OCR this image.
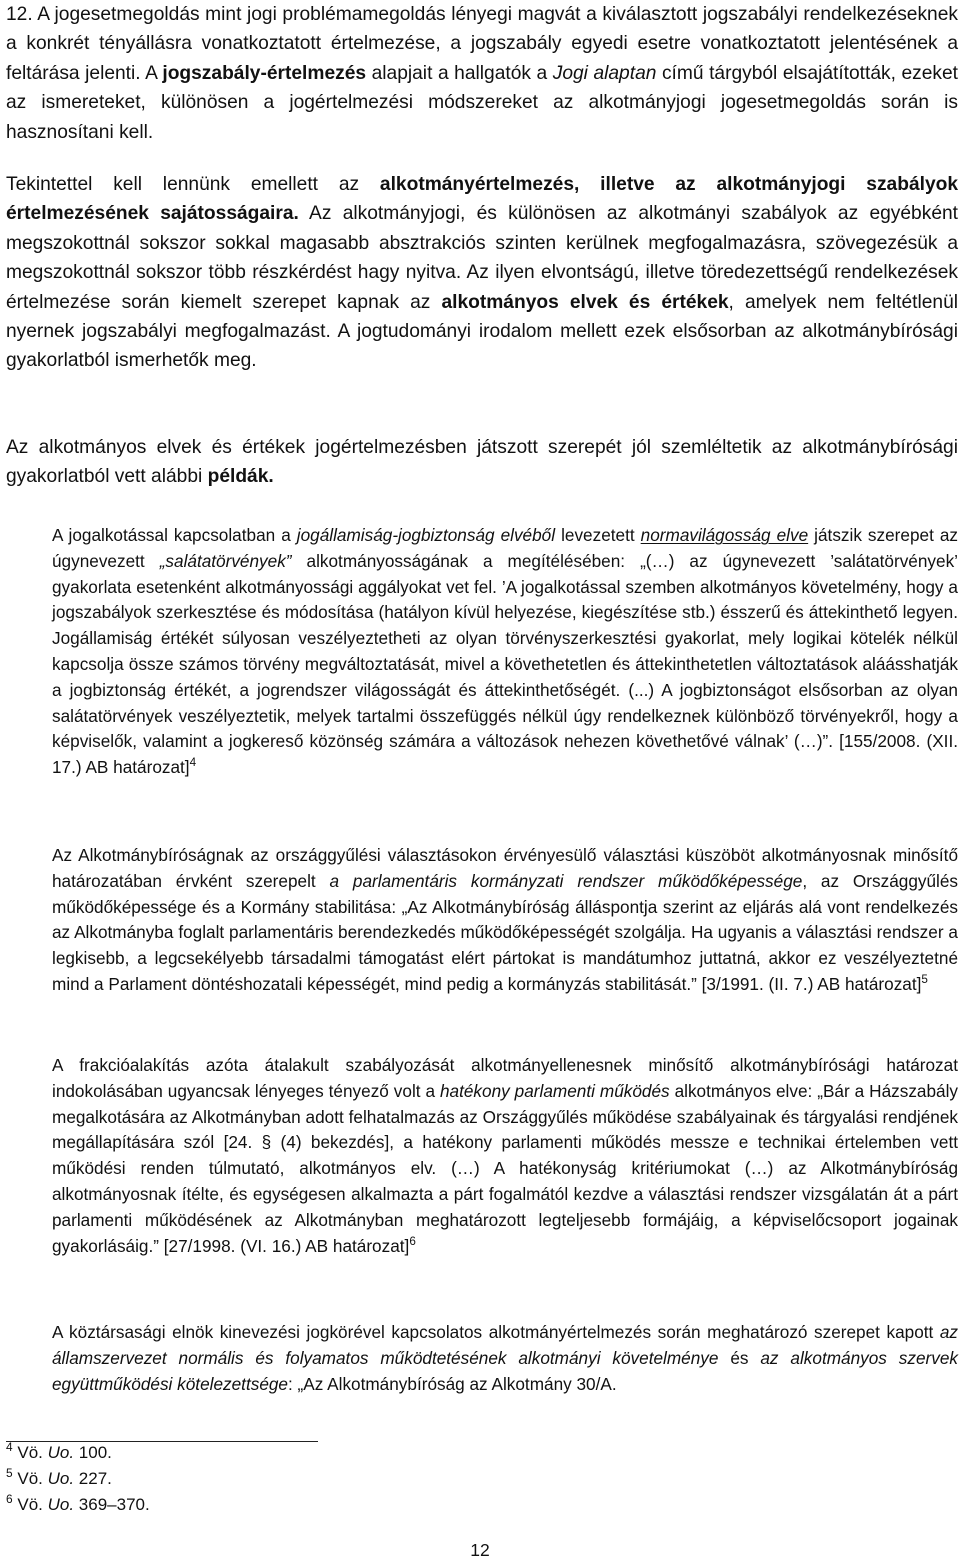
12. A jogesetmegoldás mint jogi problémamegoldás lényegi magvát a kiválasztott jogszabályi rendelkezéseknek a konkrét tényállásra vonatkoztatott értelmezése, a jogszabály egyedi esetre vonatkoztatott jelentésének a feltárása jelenti. A jogszabály-értelmezés alapjait a hallgatók a Jogi alaptan című tárgyból elsajátították, ezeket az ismereteket, különösen a jogértelmezési módszereket az alkotmányjogi jogesetmegoldás során is hasznosítani kell.

Tekintettel kell lennünk emellett az alkotmányértelmezés, illetve az alkotmányjogi szabályok értelmezésének sajátosságaira. Az alkotmányjogi, és különösen az alkotmányi szabályok az egyébként megszokottnál sokszor sokkal magasabb absztrakciós szinten kerülnek megfogalmazásra, szövegezésük a megszokottnál sokszor több részkérdést hagy nyitva. Az ilyen elvontságú, illetve töredezettségű rendelkezések értelmezése során kiemelt szerepet kapnak az alkotmányos elvek és értékek, amelyek nem feltétlenül nyernek jogszabályi megfogalmazást. A jogtudományi irodalom mellett ezek elsősorban az alkotmánybírósági gyakorlatból ismerhetők meg.

Az alkotmányos elvek és értékek jogértelmezésben játszott szerepét jól szemléltetik az alkotmánybírósági gyakorlatból vett alábbi példák.

A jogalkotással kapcsolatban a jogállamiság-jogbiztonság elvéből levezetett normavilágosság elve játszik szerepet az úgynevezett „salátatörvények” alkotmányosságának a megítélésében: „(…) az úgynevezett ’salátatörvények’ gyakorlata esetenként alkotmányossági aggályokat vet fel. ’A jogalkotással szemben alkotmányos követelmény, hogy a jogszabályok szerkesztése és módosítása (hatályon kívül helyezése, kiegészítése stb.) ésszerű és áttekinthető legyen. Jogállamiság értékét súlyosan veszélyeztetheti az olyan törvényszerkesztési gyakorlat, mely logikai kötelék nélkül kapcsolja össze számos törvény megváltoztatását, mivel a követhetetlen és áttekinthetetlen változtatások aláásshatják a jogbiztonság értékét, a jogrendszer világosságát és áttekinthetőségét. (...) A jogbiztonságot elsősorban az olyan salátatörvények veszélyeztetik, melyek tartalmi összefüggés nélkül úgy rendelkeznek különböző törvényekről, hogy a képviselők, valamint a jogkereső közönség számára a változások nehezen követhetővé válnak’ (…)”. [155/2008. (XII. 17.) AB határozat]$^4$

Az Alkotmánybíróságnak az országgyűlési választásokon érvényesülő választási küszöböt alkotmányosnak minősítő határozatában érvként szerepelt a parlamentáris kormányzati rendszer működőképessége, az Országgyűlés működőképessége és a Kormány stabilitása: „Az Alkotmánybíróság álláspontja szerint az eljárás alá vont rendelkezés az Alkotmányba foglalt parlamentáris berendezkedés működőképességét szolgálja. Ha ugyanis a választási rendszer a legkisebb, a legcsekélyebb társadalmi támogatást elért pártokat is mandátumhoz juttatná, akkor ez veszélyeztetné mind a Parlament döntéshozatali képességét, mind pedig a kormányzás stabilitását.” [3/1991. (II. 7.) AB határozat]$^5$

A frakcióalakítás azóta átalakult szabályozását alkotmányellenesnek minősítő alkotmánybírósági határozat indokolásában ugyancsak lényeges tényező volt a hatékony parlamenti működés alkotmányos elve: „Bár a Házszabály megalkotására az Alkotmányban adott felhatalmazás az Országgyűlés működése szabályainak és tárgyalási rendjének megállapítására szól [24. § (4) bekezdés], a hatékony parlamenti működés messze e technikai értelemben vett működési renden túlmutató, alkotmányos elv. (…) A hatékonyság kritériumokat (…) az Alkotmánybíróság alkotmányosnak ítélte, és egységesen alkalmazta a párt fogalmától kezdve a választási rendszer vizsgálatán át a párt parlamenti működésének az Alkotmányban meghatározott legteljesebb formájáig, a képviselőcsoport jogainak gyakorlásáig.” [27/1998. (VI. 16.) AB határozat]$^6$

A köztársasági elnök kinevezési jogkörével kapcsolatos alkotmányértelmezés során meghatározó szerepet kapott az államszervezet normális és folyamatos működtetésének alkotmányi követelménye és az alkotmányos szervek együttműködési kötelezettsége: „Az Alkotmánybíróság az Alkotmány 30/A.

$^4$ Vö. Uo. 100.
$^5$ Vö. Uo. 227.
$^6$ Vö. Uo. 369–370.
12
